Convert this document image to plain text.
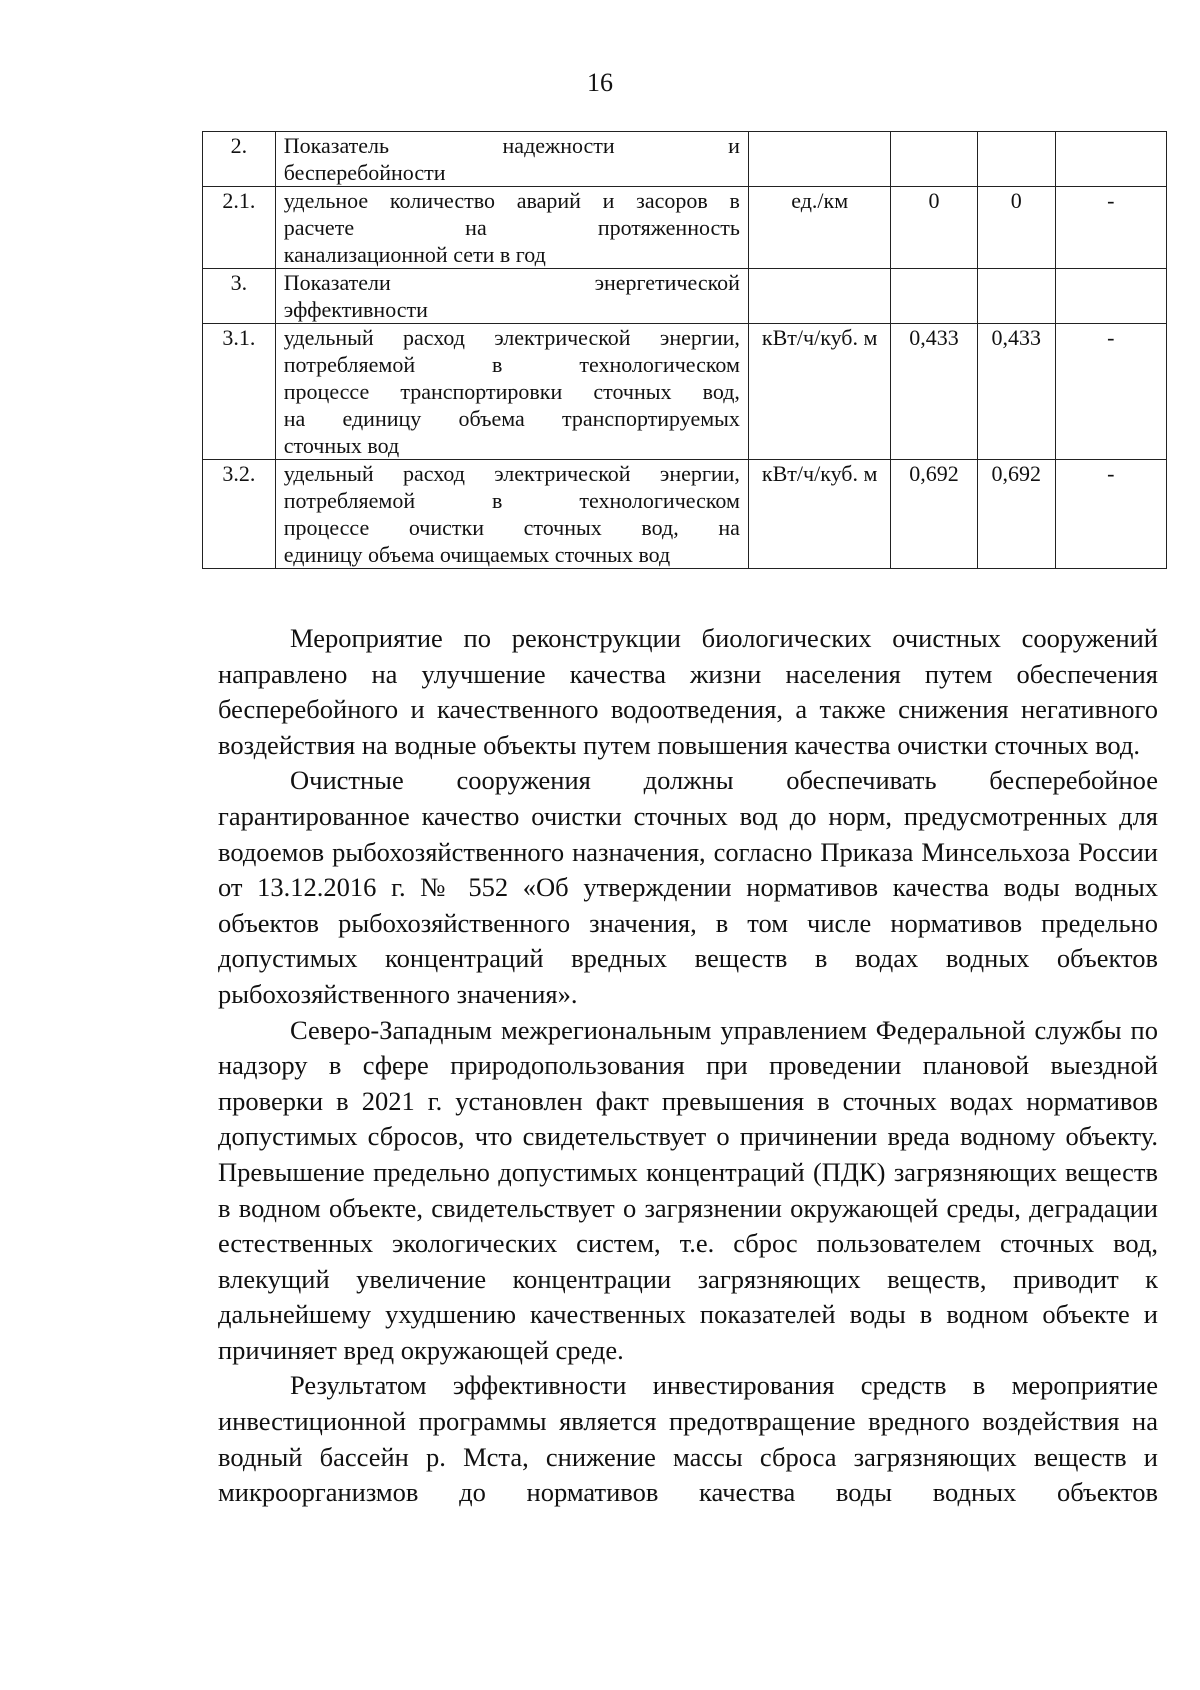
16
2.	Показатель надежности и
бесперебойности				

2.1.	удельное количество аварий и засоров в
расчете на протяженность
канализационной сети в год	ед./км	0	0	-
3.	Показатели энергетической
эффективности				

3.1.	удельный расход электрической энергии,
потребляемой в технологическом
процессе транспортировки сточных вод,
на единицу объема транспортируемых
сточных вод	кВт/ч/куб. м	0,433	0,433	-
3.2.	удельный расход электрической энергии,
потребляемой в технологическом
процессе очистки сточных вод, на
единицу объема очищаемых сточных вод	кВт/ч/куб. м	0,692	0,692	-

Мероприятие по реконструкции биологических очистных сооружений направлено на улучшение качества жизни населения путем обеспечения бесперебойного и качественного водоотведения, а также снижения негативного воздействия на водные объекты путем повышения качества очистки сточных вод.

Очистные сооружения должны обеспечивать бесперебойное гарантированное качество очистки сточных вод до норм, предусмотренных для водоемов рыбохозяйственного назначения, согласно Приказа Минсельхоза России от 13.12.2016 г. № 552 «Об утверждении нормативов качества воды водных объектов рыбохозяйственного значения, в том числе нормативов предельно допустимых концентраций вредных веществ в водах водных объектов рыбохозяйственного значения».

Северо-Западным межрегиональным управлением Федеральной службы по надзору в сфере природопользования при проведении плановой выездной проверки в 2021 г. установлен факт превышения в сточных водах нормативов допустимых сбросов, что свидетельствует о причинении вреда водному объекту. Превышение предельно допустимых концентраций (ПДК) загрязняющих веществ в водном объекте, свидетельствует о загрязнении окружающей среды, деградации естественных экологических систем, т.е. сброс пользователем сточных вод, влекущий увеличение концентрации загрязняющих веществ, приводит к дальнейшему ухудшению качественных показателей воды в водном объекте и причиняет вред окружающей среде.

Результатом эффективности инвестирования средств в мероприятие инвестиционной программы является предотвращение вредного воздействия на водный бассейн р. Мста, снижение массы сброса загрязняющих веществ и микроорганизмов до нормативов качества воды водных объектов
